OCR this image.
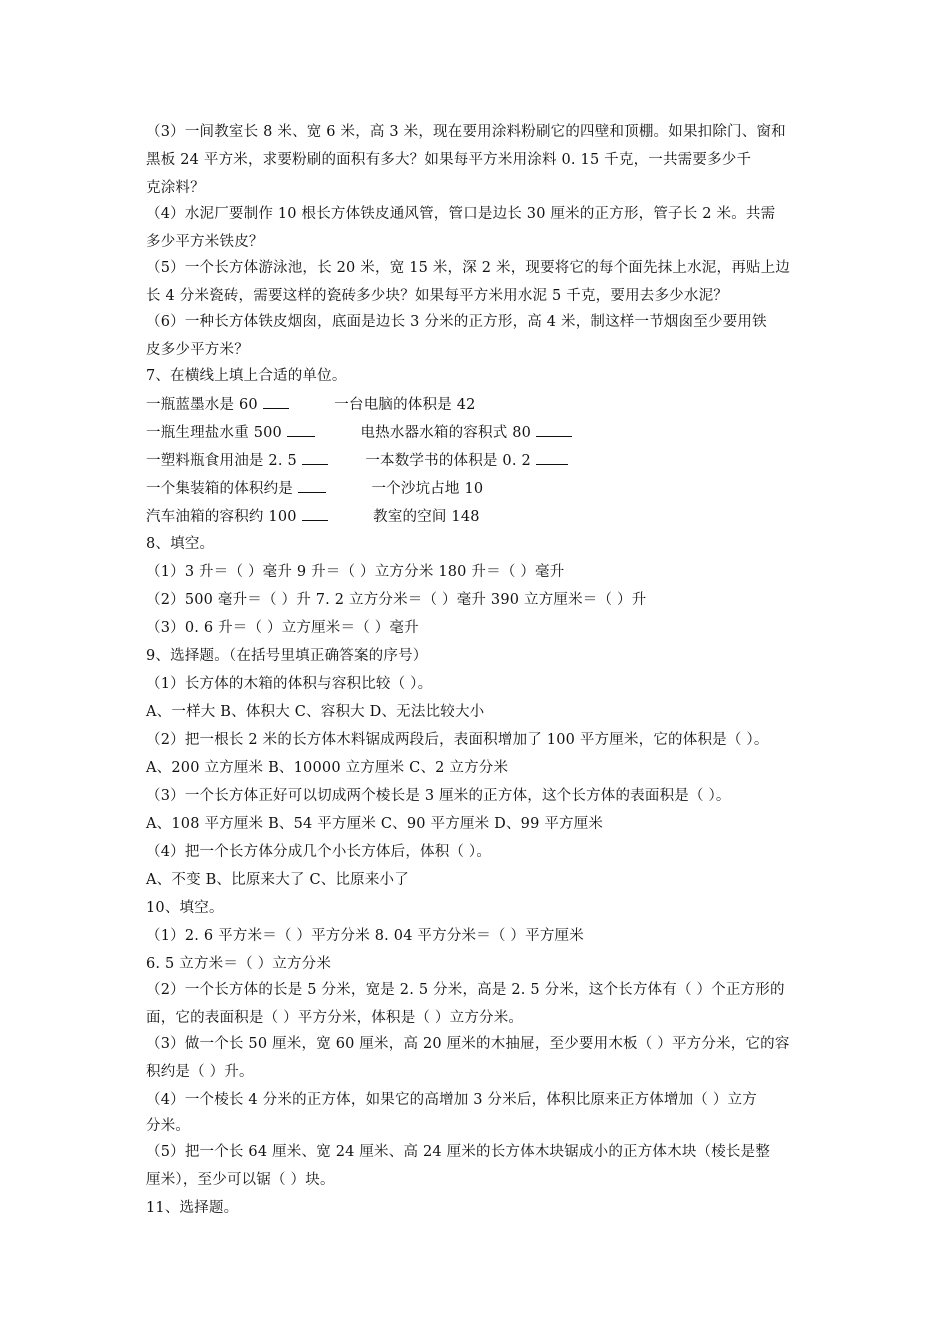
（3）一间教室长 8 米、宽 6 米，高 3 米，现在要用涂料粉刷它的四壁和顶棚。如果扣除门、窗和
黑板 24 平方米，求要粉刷的面积有多大？如果每平方米用涂料 0. 15 千克，一共需要多少千
克涂料？
（4）水泥厂要制作 10 根长方体铁皮通风管，管口是边长 30 厘米的正方形，管子长 2 米。共需
多少平方米铁皮？
（5）一个长方体游泳池，长 20 米，宽 15 米，深 2 米，现要将它的每个面先抹上水泥，再贴上边
长 4 分米瓷砖，需要这样的瓷砖多少块？如果每平方米用水泥 5 千克，要用去多少水泥？
（6）一种长方体铁皮烟囱，底面是边长 3 分米的正方形，高 4 米，制这样一节烟囱至少要用铁
皮多少平方米？
7、在横线上填上合适的单位。
一瓶蓝墨水是 60	一台电脑的体积是 42
一瓶生理盐水重 500	电热水器水箱的容积式 80
一塑料瓶食用油是 2. 5	一本数学书的体积是 0. 2
一个集装箱的体积约是	一个沙坑占地 10
汽车油箱的容积约 100	教室的空间 148
8、填空。
（1）3 升＝（ ）毫升 9 升＝（ ）立方分米 180 升＝（ ）毫升
（2）500 毫升＝（ ）升 7. 2 立方分米＝（ ）毫升 390 立方厘米＝（ ）升
（3）0. 6 升＝（ ）立方厘米＝（ ）毫升
9、选择题。（在括号里填正确答案的序号）
（1）长方体的木箱的体积与容积比较（ ）。
A、一样大 B、体积大 C、容积大 D、无法比较大小
（2）把一根长 2 米的长方体木料锯成两段后，表面积增加了 100 平方厘米，它的体积是（ ）。
A、200 立方厘米 B、10000 立方厘米 C、2 立方分米
（3）一个长方体正好可以切成两个棱长是 3 厘米的正方体，这个长方体的表面积是（ ）。
A、108 平方厘米 B、54 平方厘米 C、90 平方厘米 D、99 平方厘米
（4）把一个长方体分成几个小长方体后，体积（ ）。
A、不变 B、比原来大了 C、比原来小了
10、填空。
（1）2. 6 平方米＝（ ）平方分米 8. 04 平方分米＝（ ）平方厘米
6. 5 立方米＝（ ）立方分米
（2）一个长方体的长是 5 分米，宽是 2. 5 分米，高是 2. 5 分米，这个长方体有（ ）个正方形的
面，它的表面积是（ ）平方分米，体积是（ ）立方分米。
（3）做一个长 50 厘米，宽 60 厘米，高 20 厘米的木抽屉，至少要用木板（ ）平方分米，它的容
积约是（ ）升。
（4）一个棱长 4 分米的正方体，如果它的高增加 3 分米后，体积比原来正方体增加（ ）立方
分米。
（5）把一个长 64 厘米、宽 24 厘米、高 24 厘米的长方体木块锯成小的正方体木块（棱长是整
厘米），至少可以锯（ ）块。
11、选择题。
